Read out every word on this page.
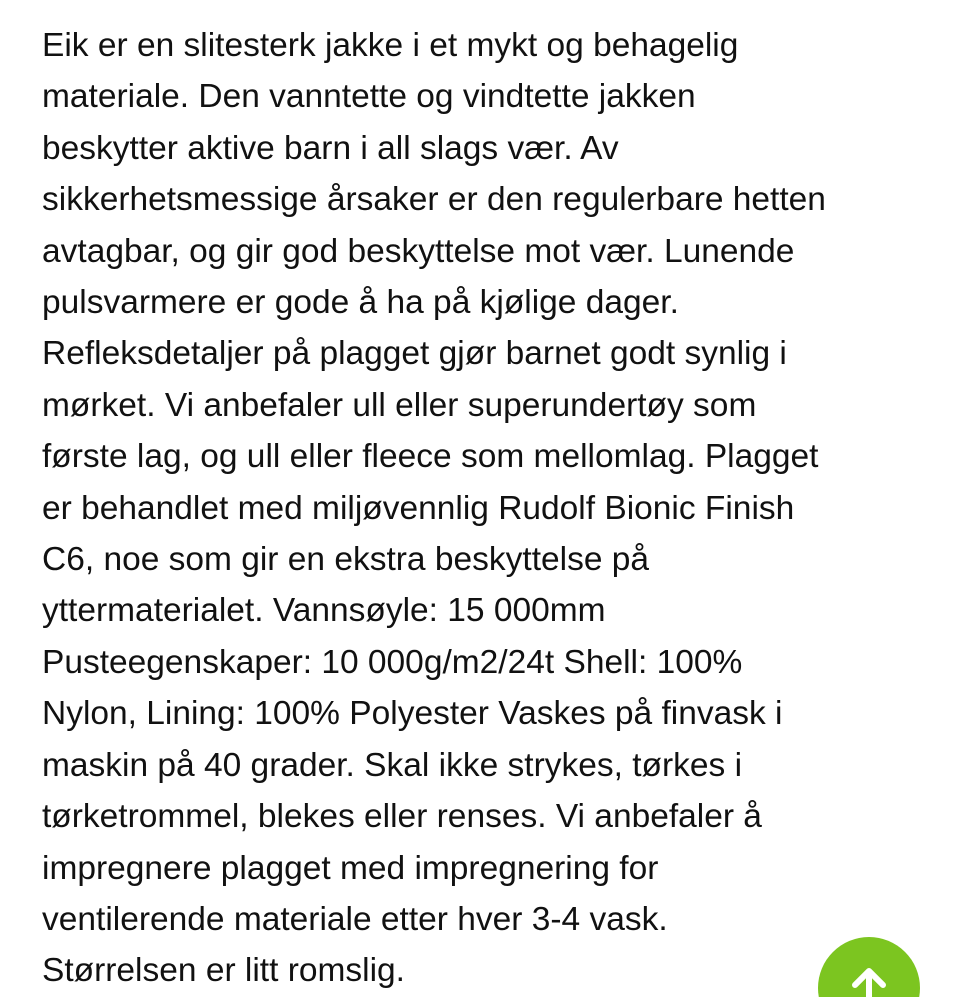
Eik er en slitesterk jakke i et mykt og behagelig
materiale. Den vanntette og vindtette jakken
beskytter aktive barn i all slags vær. Av
sikkerhetsmessige årsaker er den regulerbare hetten
avtagbar, og gir god beskyttelse mot vær. Lunende
pulsvarmere er gode å ha på kjølige dager.
Refleksdetaljer på plagget gjør barnet godt synlig i
mørket. Vi anbefaler ull eller superundertøy som
første lag, og ull eller fleece som mellomlag. Plagget
er behandlet med miljøvennlig Rudolf Bionic Finish
C6, noe som gir en ekstra beskyttelse på
yttermaterialet. Vannsøyle: 15 000mm
Pusteegenskaper: 10 000g/m2/24t Shell: 100%
Nylon, Lining: 100% Polyester Vaskes på finvask i
maskin på 40 grader. Skal ikke strykes, tørkes i
tørketrommel, blekes eller renses. Vi anbefaler å
impregnere plagget med impregnering for
ventilerende materiale etter hver 3-4 vask.
Størrelsen er litt romslig.
